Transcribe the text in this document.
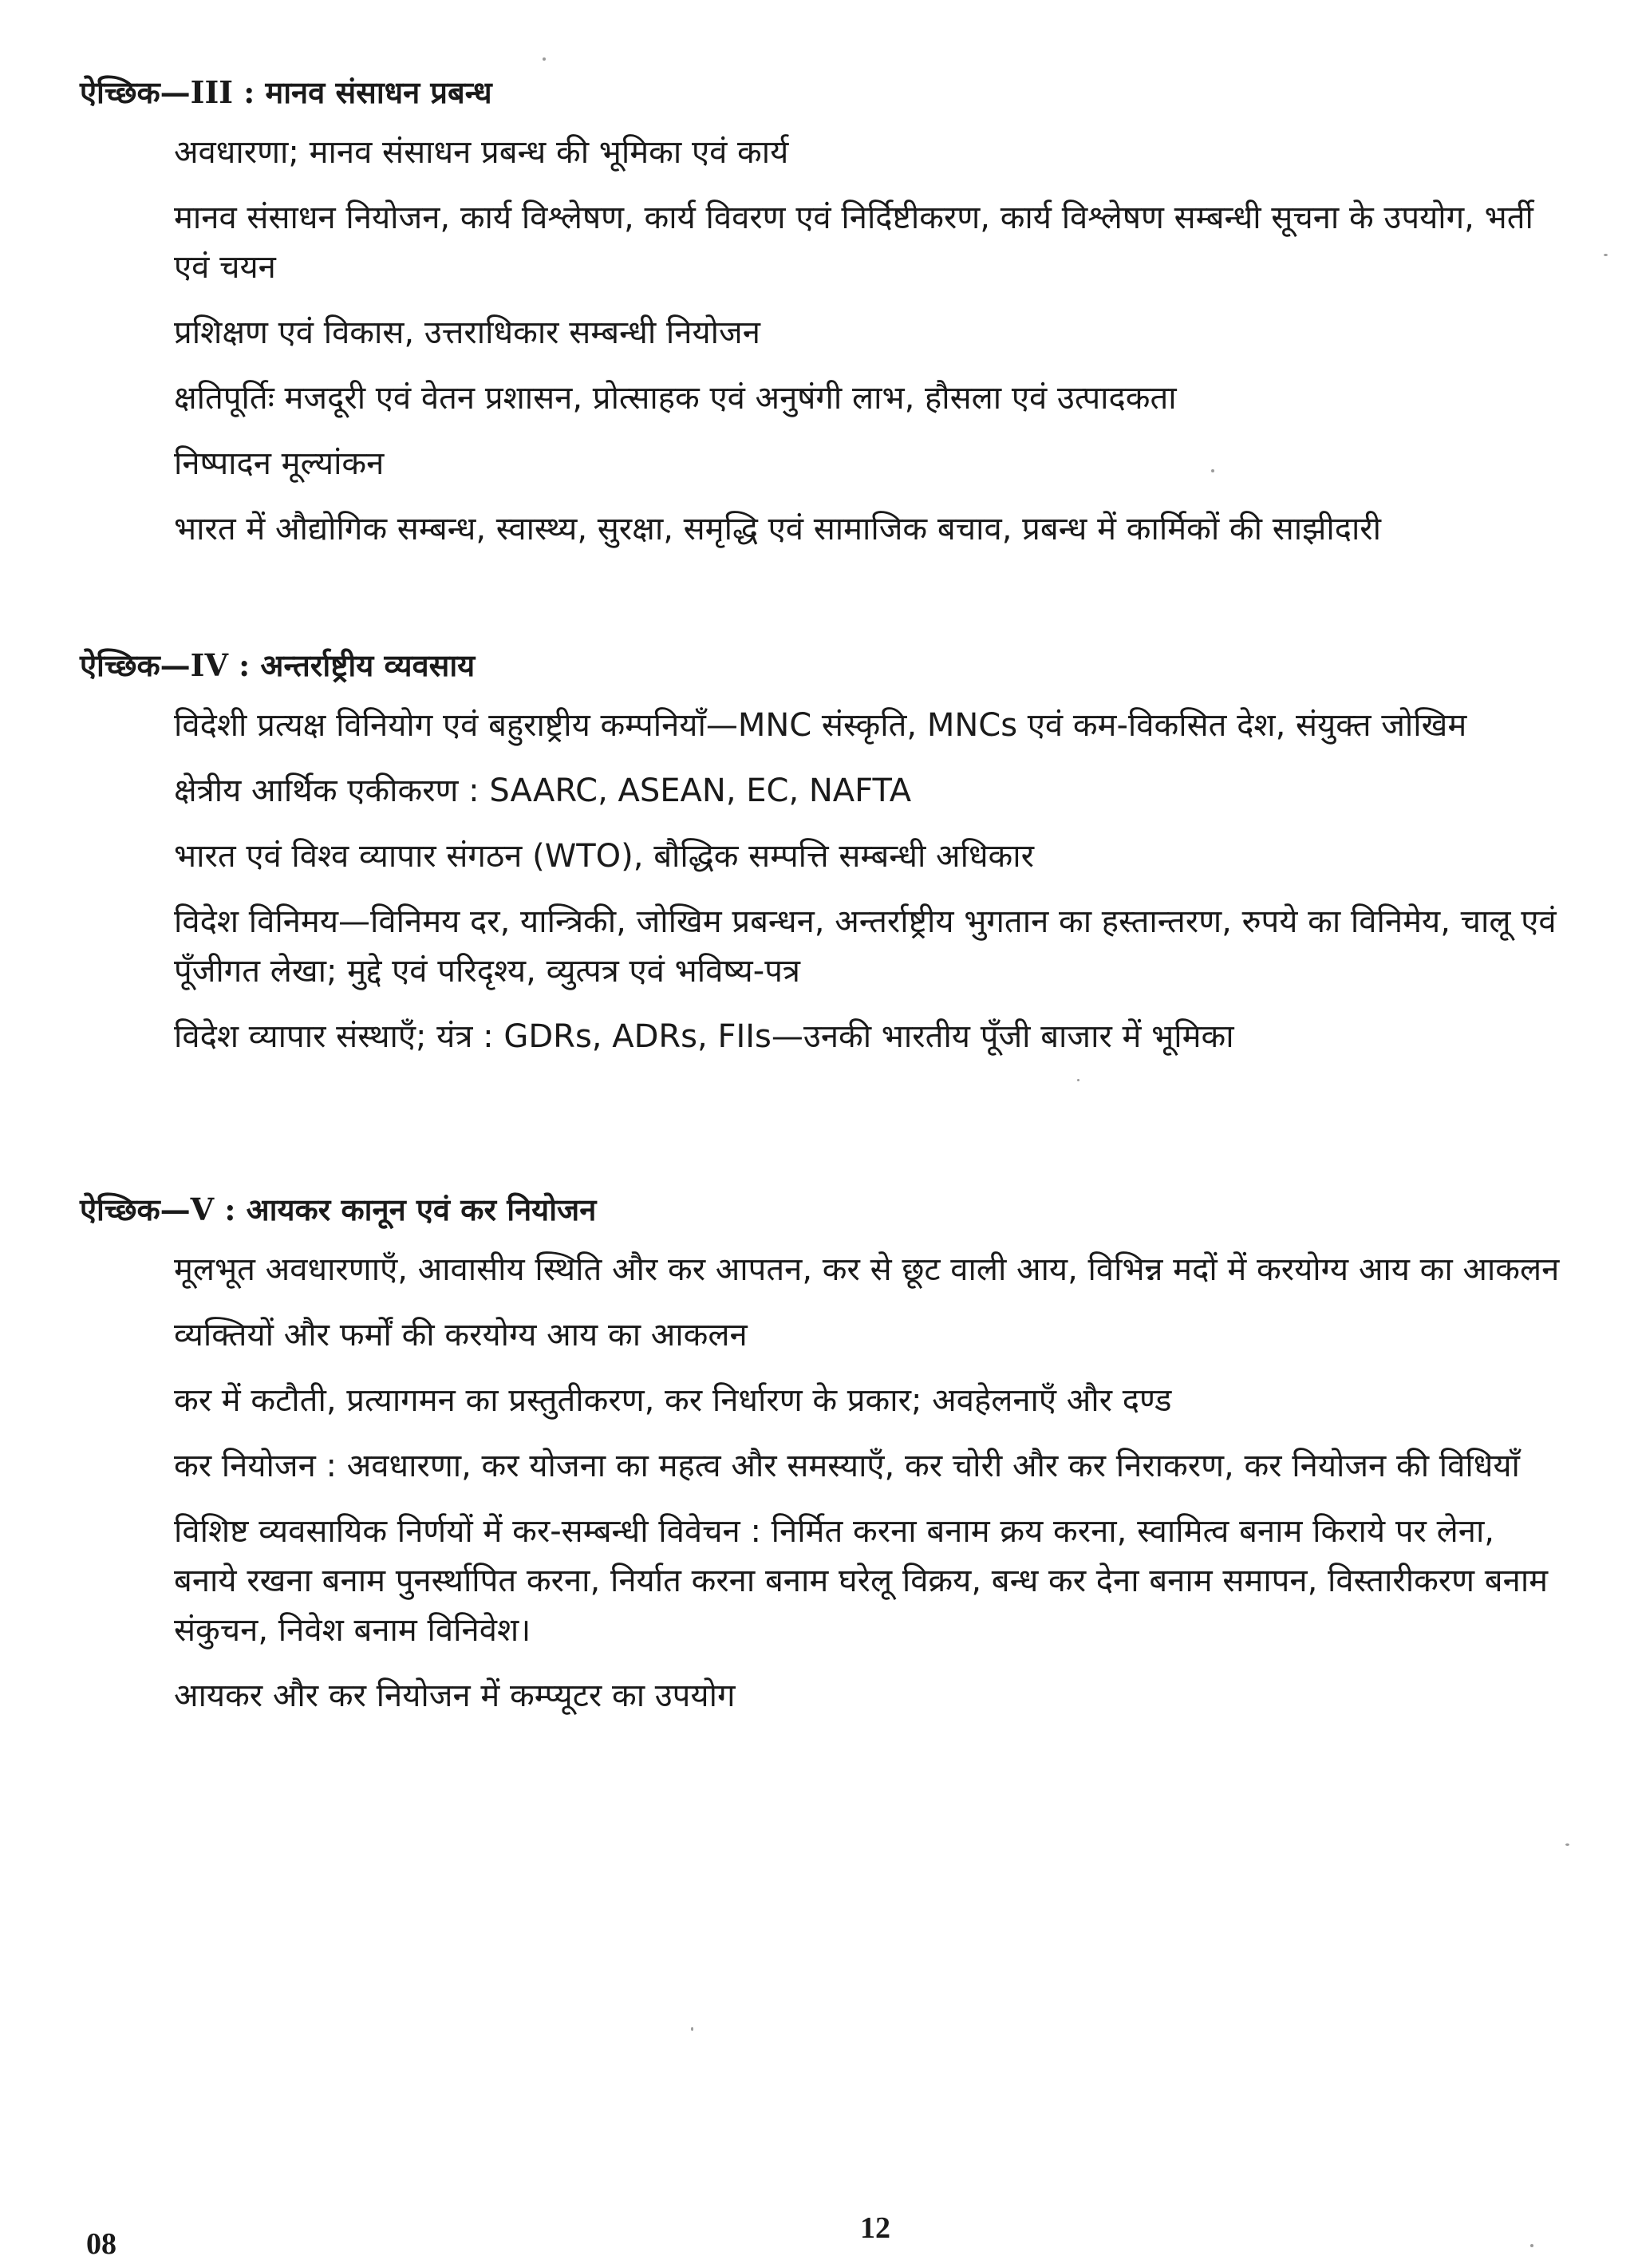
ऐच्छिक—III : मानव संसाधन प्रबन्ध

अवधारणा; मानव संसाधन प्रबन्ध की भूमिका एवं कार्य

मानव संसाधन नियोजन, कार्य विश्लेषण, कार्य विवरण एवं निर्दिष्टीकरण, कार्य विश्लेषण सम्बन्धी सूचना के उपयोग, भर्ती एवं चयन

प्रशिक्षण एवं विकास, उत्तराधिकार सम्बन्धी नियोजन

क्षतिपूर्तिः मजदूरी एवं वेतन प्रशासन, प्रोत्साहक एवं अनुषंगी लाभ, हौसला एवं उत्पादकता

निष्पादन मूल्यांकन

भारत में औद्योगिक सम्बन्ध, स्वास्थ्य, सुरक्षा, समृद्धि एवं सामाजिक बचाव, प्रबन्ध में कार्मिकों की साझीदारी

ऐच्छिक—IV : अन्तर्राष्ट्रीय व्यवसाय

विदेशी प्रत्यक्ष विनियोग एवं बहुराष्ट्रीय कम्पनियाँ—MNC संस्कृति, MNCs एवं कम-विकसित देश, संयुक्त जोखिम

क्षेत्रीय आर्थिक एकीकरण : SAARC, ASEAN, EC, NAFTA

भारत एवं विश्व व्यापार संगठन (WTO), बौद्धिक सम्पत्ति सम्बन्धी अधिकार

विदेश विनिमय—विनिमय दर, यान्त्रिकी, जोखिम प्रबन्धन, अन्तर्राष्ट्रीय भुगतान का हस्तान्तरण, रुपये का विनिमेय, चालू एवं पूँजीगत लेखा; मुद्दे एवं परिदृश्य, व्युत्पत्र एवं भविष्य-पत्र

विदेश व्यापार संस्थाएँ; यंत्र : GDRs, ADRs, FIIs—उनकी भारतीय पूँजी बाजार में भूमिका

ऐच्छिक—V : आयकर कानून एवं कर नियोजन

मूलभूत अवधारणाएँ, आवासीय स्थिति और कर आपतन, कर से छूट वाली आय, विभिन्न मदों में करयोग्य आय का आकलन

व्यक्तियों और फर्मों की करयोग्य आय का आकलन

कर में कटौती, प्रत्यागमन का प्रस्तुतीकरण, कर निर्धारण के प्रकार; अवहेलनाएँ और दण्ड

कर नियोजन : अवधारणा, कर योजना का महत्व और समस्याएँ, कर चोरी और कर निराकरण, कर नियोजन की विधियाँ

विशिष्ट व्यवसायिक निर्णयों में कर-सम्बन्धी विवेचन : निर्मित करना बनाम क्रय करना, स्वामित्व बनाम किराये पर लेना, बनाये रखना बनाम पुनर्स्थापित करना, निर्यात करना बनाम घरेलू विक्रय, बन्ध कर देना बनाम समापन, विस्तारीकरण बनाम संकुचन, निवेश बनाम विनिवेश।

आयकर और कर नियोजन में कम्प्यूटर का उपयोग

08	12
